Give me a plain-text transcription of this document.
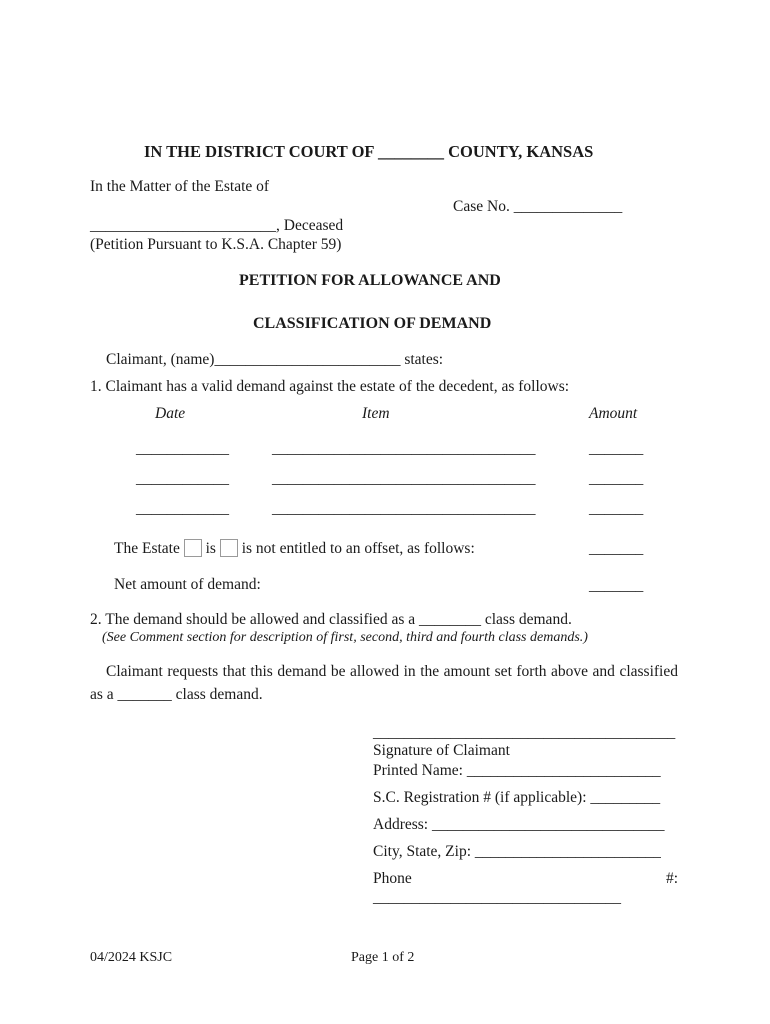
IN THE DISTRICT COURT OF ________ COUNTY, KANSAS
In the Matter of the Estate of
Case No. ______________
________________________, Deceased
(Petition Pursuant to K.S.A. Chapter 59)
PETITION FOR ALLOWANCE AND
CLASSIFICATION OF DEMAND
Claimant, (name)________________________ states:
1. Claimant has a valid demand against the estate of the decedent, as follows:
Date	Item	Amount
____________	__________________________________	_______
____________	__________________________________	_______
____________	__________________________________	_______
The Estate is is not entitled to an offset, as follows:	_______
Net amount of demand:	_______
2. The demand should be allowed and classified as a ________ class demand.
(See Comment section for description of first, second, third and fourth class demands.)
Claimant requests that this demand be allowed in the amount set forth above and classified as a _______ class demand.
_______________________________________
Signature of Claimant
Printed Name: _________________________
S.C. Registration # (if applicable): _________
Address: ______________________________
City, State, Zip: ________________________
Phone	#:
________________________________
04/2024 KSJC	Page 1 of 2
